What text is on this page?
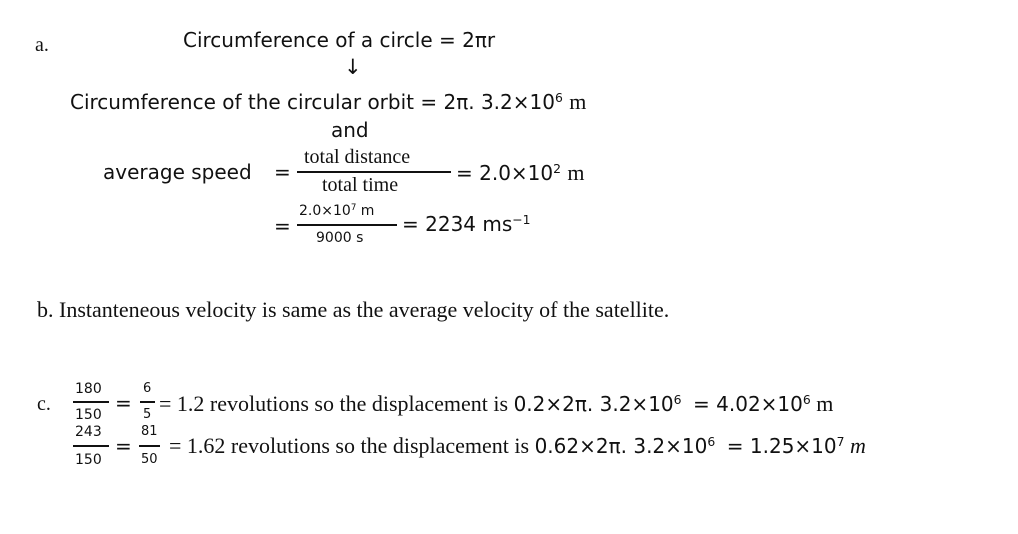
a.	Circumference of a circle = 2πr
↓
Circumference of the circular orbit = 2π. $3.2\times 10^6$ m
and
average speed =
total distance
total time	= $2.0\times 10^2$ m
=
$2.0\times 10^7$ m
9000 s
= 2234 $ms^{-1}$
b. Instanteneous velocity is same as the average velocity of the satellite.
c.
180
150 =
6
5 = 1.2 revolutions so the displacement is 0.2×2π. $3.2\times 10^6 = 4.02\times 10^6$ m
243
150
=
81
50
= 1.62 revolutions so the displacement is 0.62×2π. $3.2\times 10^6 = 1.25\times 10^7$ m
